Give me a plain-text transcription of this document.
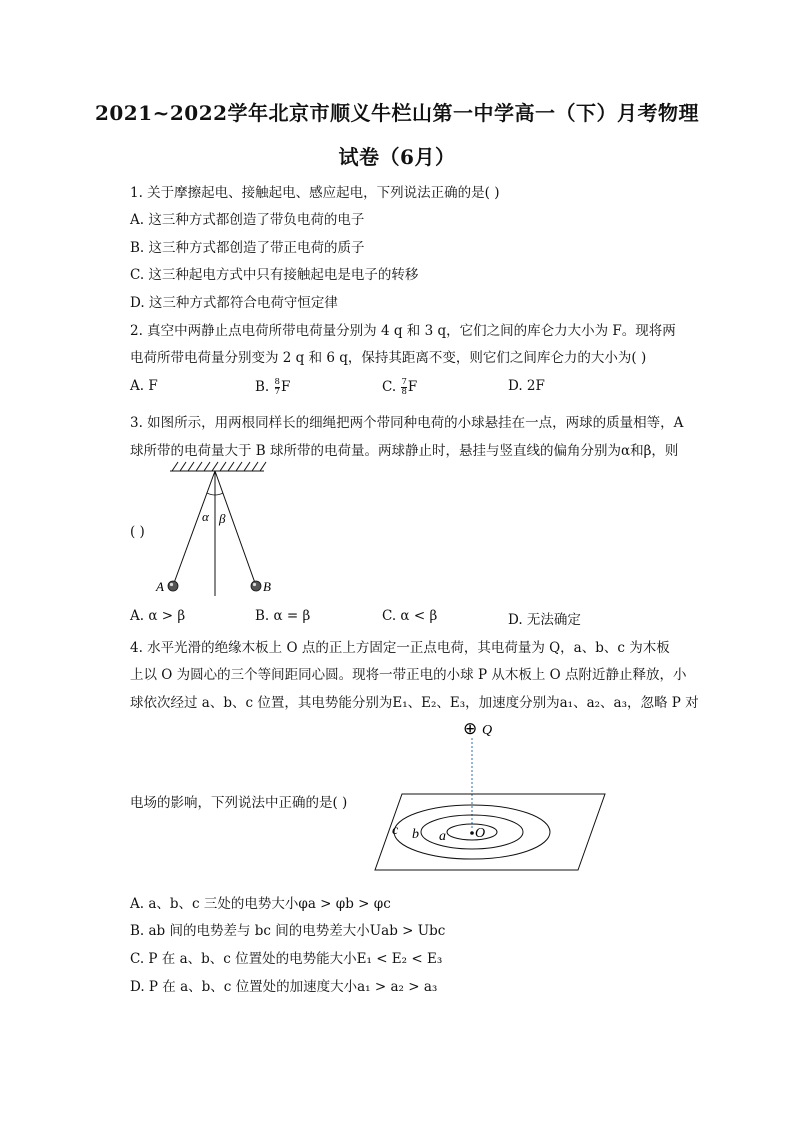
2021~2022学年北京市顺义牛栏山第一中学高一（下）月考物理
试卷（6月）
1. 关于摩擦起电、接触起电、感应起电，下列说法正确的是( )
A. 这三种方式都创造了带负电荷的电子
B. 这三种方式都创造了带正电荷的质子
C. 这三种起电方式中只有接触起电是电子的转移
D. 这三种方式都符合电荷守恒定律
2. 真空中两静止点电荷所带电荷量分别为 4 q 和 3 q，它们之间的库仑力大小为 F。现将两
电荷所带电荷量分别变为 2 q 和 6 q，保持其距离不变，则它们之间库仑力的大小为( )
A. F	B. $\frac{8}{7}$ F	C. $\frac{7}{8}$ F	D. 2F
3. 如图所示，用两根同样长的细绳把两个带同种电荷的小球悬挂在一点，两球的质量相等，A
球所带的电荷量大于 B 球所带的电荷量。两球静止时，悬挂与竖直线的偏角分别为α和β，则
α β
A	B
( )
A. α > β	B. α = β	C. α < β	D. 无法确定
4. 水平光滑的绝缘木板上 O 点的正上方固定一正点电荷，其电荷量为 Q，a、b、c 为木板
上以 O 为圆心的三个等间距同心圆。现将一带正电的小球 P 从木板上 O 点附近静止释放，小
球依次经过 a、b、c 位置，其电势能分别为E₁、E₂、E₃，加速度分别为a₁、a₂、a₃，忽略 P 对
⊕ Q
O
a
b
c
电场的影响，下列说法中正确的是( )
A. a、b、c 三处的电势大小φa > φb > φc
B. ab 间的电势差与 bc 间的电势差大小Uab > Ubc
C. P 在 a、b、c 位置处的电势能大小E₁ < E₂ < E₃
D. P 在 a、b、c 位置处的加速度大小a₁ > a₂ > a₃
